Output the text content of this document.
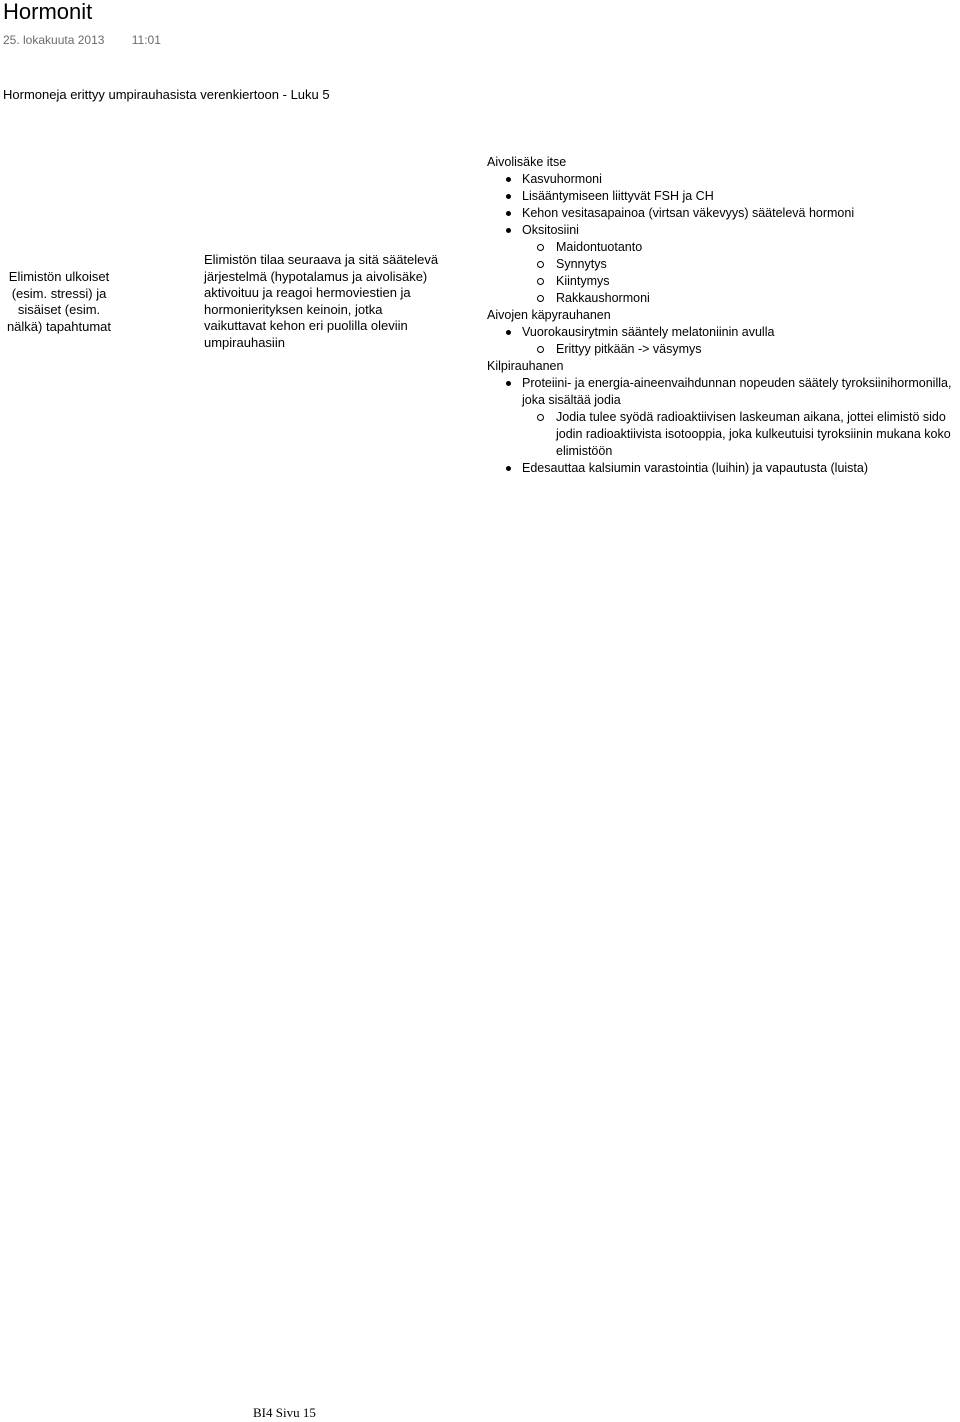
Hormonit
25. lokakuuta 2013 11:01
Hormoneja erittyy umpirauhasista verenkiertoon - Luku 5
Elimistön ulkoiset
(esim. stressi) ja
sisäiset (esim.
nälkä) tapahtumat
Elimistön tilaa seuraava ja sitä säätelevä
järjestelmä (hypotalamus ja aivolisäke)
aktivoituu ja reagoi hermoviestien ja
hormonierityksen keinoin, jotka
vaikuttavat kehon eri puolilla oleviin
umpirauhasiin
Aivolisäke itse
Kasvuhormoni
Lisääntymiseen liittyvät FSH ja CH
Kehon vesitasapainoa (virtsan väkevyys) säätelevä hormoni
Oksitosiini
Maidontuotanto
Synnytys
Kiintymys
Rakkaushormoni
Aivojen käpyrauhanen
Vuorokausirytmin sääntely melatoniinin avulla
Erittyy pitkään -> väsymys
Kilpirauhanen
Proteiini- ja energia-aineenvaihdunnan nopeuden säätely tyroksiinihormonilla, joka sisältää jodia
Jodia tulee syödä radioaktiivisen laskeuman aikana, jottei elimistö sido jodin radioaktiivista isotooppia, joka kulkeutuisi tyroksiinin mukana koko elimistöön
Edesauttaa kalsiumin varastointia (luihin) ja vapautusta (luista)
BI4 Sivu 15
